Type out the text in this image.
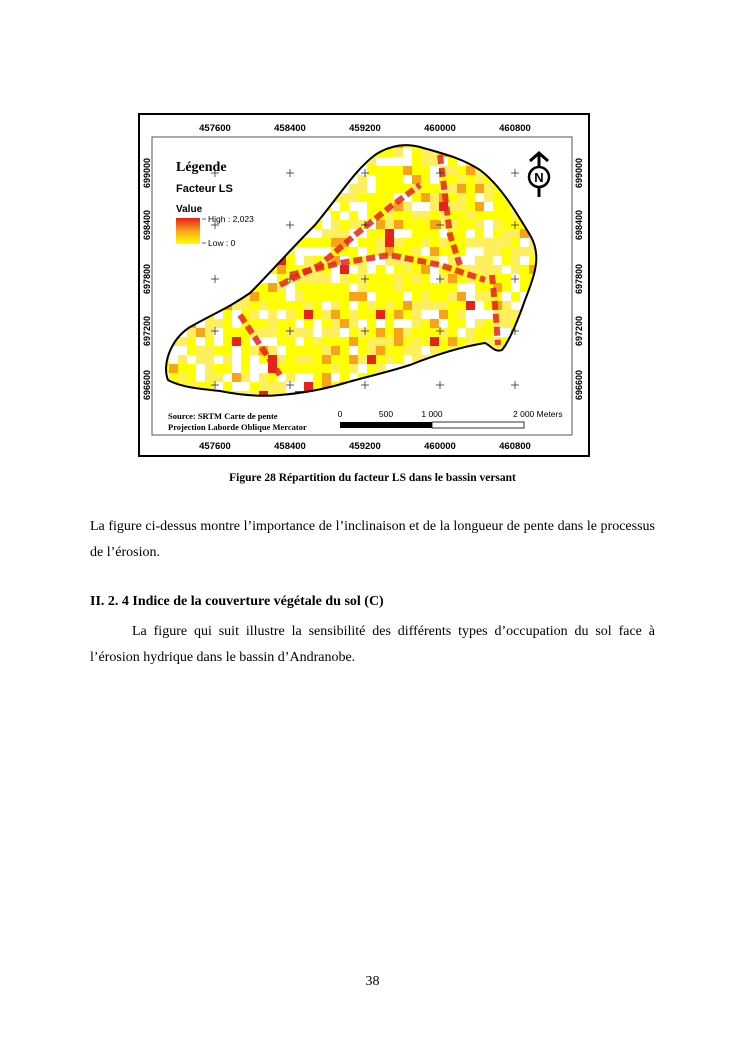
457600	458400	459200	460000	460800
457600	458400	459200	460000	460800
699000
698400
697800
697200
696600
699000
698400
697800
697200
696600
Légende
Facteur LS
Value
High : 2,023
Low : 0
N
Source: SRTM Carte de pente
Projection Laborde Oblique Mercator
0	500	1 000	2 000 Meters
Figure 28 Répartition du facteur LS dans le bassin versant

La figure ci-dessus montre l’importance de l’inclinaison et de la longueur de pente dans le processus de l’érosion.

II. 2. 4 Indice de la couverture végétale du sol (C)

La figure qui suit illustre la sensibilité des différents types d’occupation du sol face à l’érosion hydrique dans le bassin d’Andranobe.

38
